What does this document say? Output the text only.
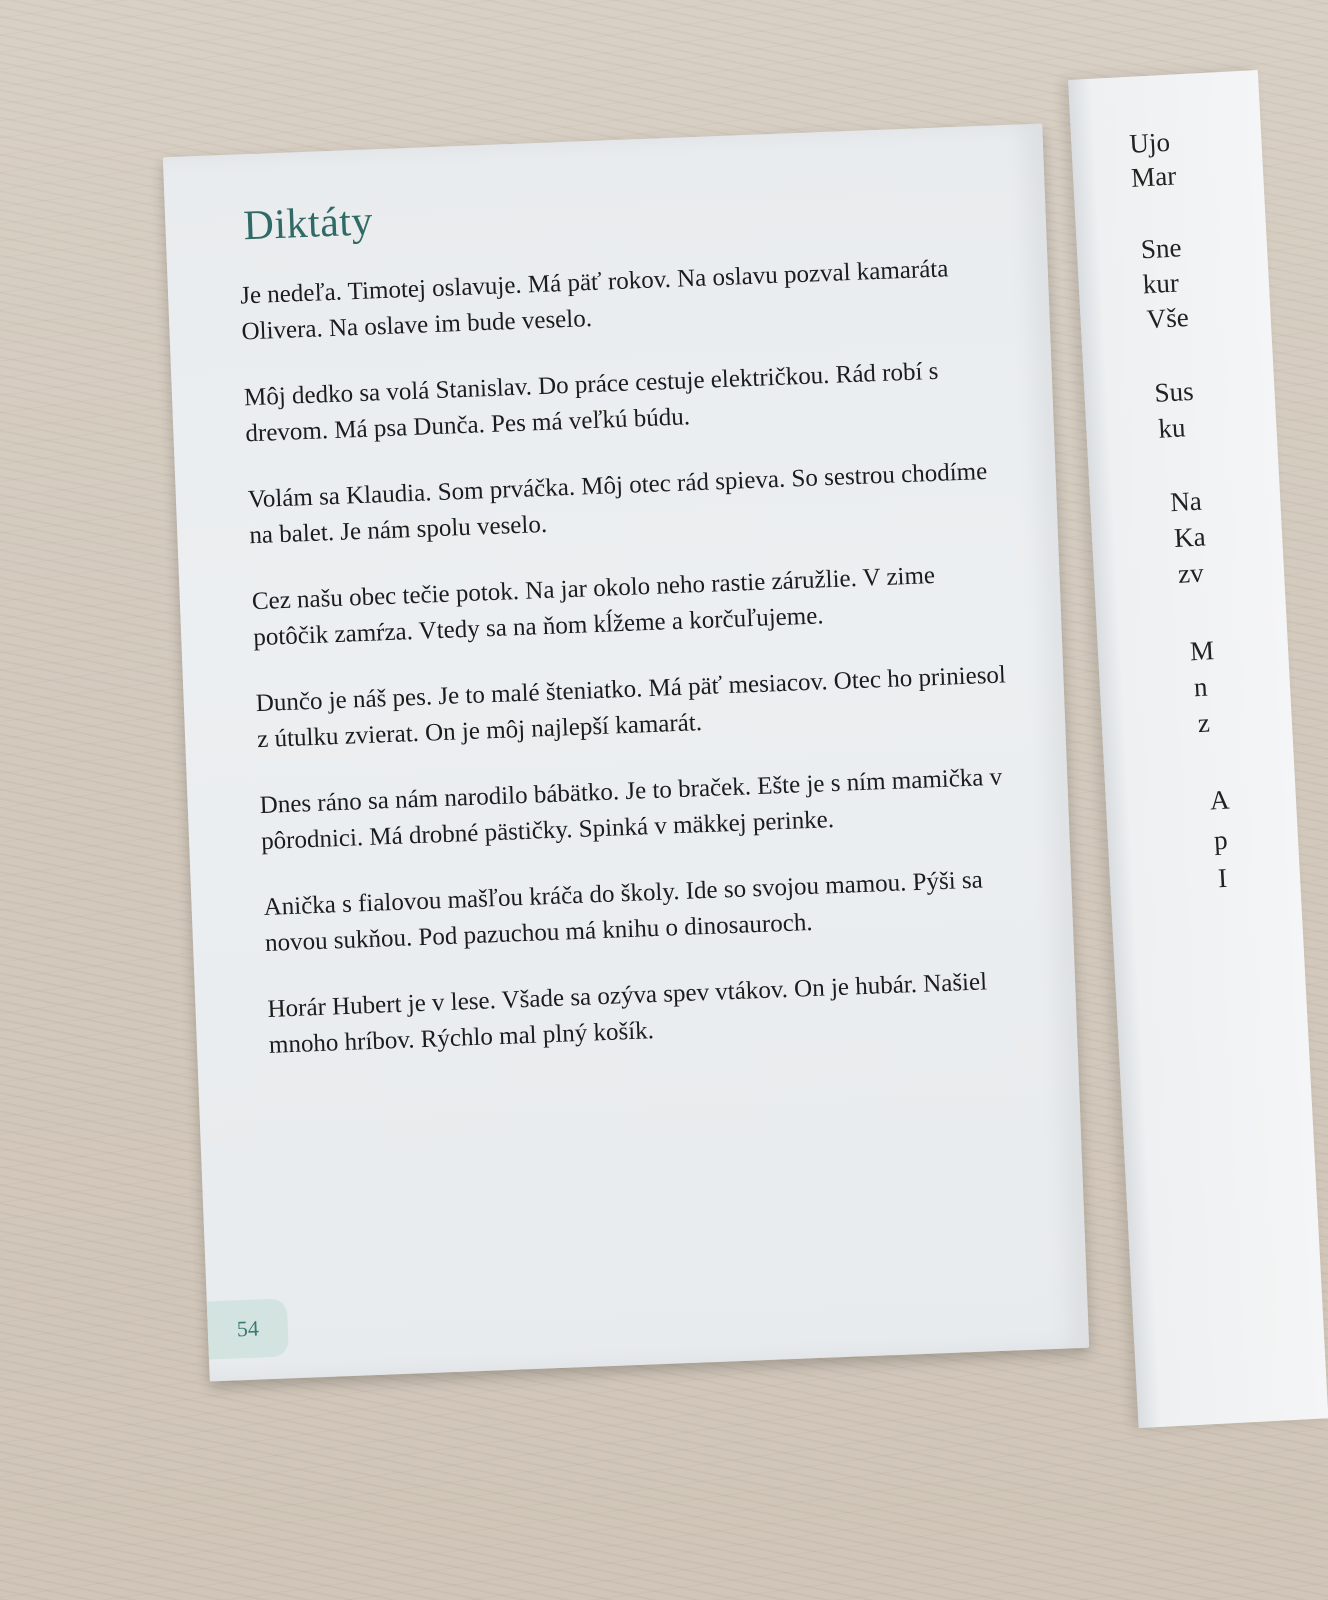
Ujo
Mar
Sne
kur
Vše
Sus
ku
Na
Ka
zv
M
n
z
A
p
I
Diktáty

Je nedeľa. Timotej oslavuje. Má päť rokov. Na oslavu pozval kamaráta Olivera. Na oslave im bude veselo.

Môj dedko sa volá Stanislav. Do práce cestuje električkou. Rád robí s drevom. Má psa Dunča. Pes má veľkú búdu.

Volám sa Klaudia. Som prváčka. Môj otec rád spieva. So sestrou chodíme na balet. Je nám spolu veselo.

Cez našu obec tečie potok. Na jar okolo neho rastie záružlie. V zime potôčik zamŕza. Vtedy sa na ňom kĺžeme a korčuľujeme.

Dunčo je náš pes. Je to malé šteniatko. Má päť mesiacov. Otec ho priniesol z útulku zvierat. On je môj najlepší kamarát.

Dnes ráno sa nám narodilo bábätko. Je to braček. Ešte je s ním mamička v pôrodnici. Má drobné pästičky. Spinká v mäkkej perinke.

Anička s fialovou mašľou kráča do školy. Ide so svojou mamou. Pýši sa novou sukňou. Pod pazuchou má knihu o dinosauroch.

Horár Hubert je v lese. Všade sa ozýva spev vtákov. On je hubár. Našiel mnoho hríbov. Rýchlo mal plný košík.

54
